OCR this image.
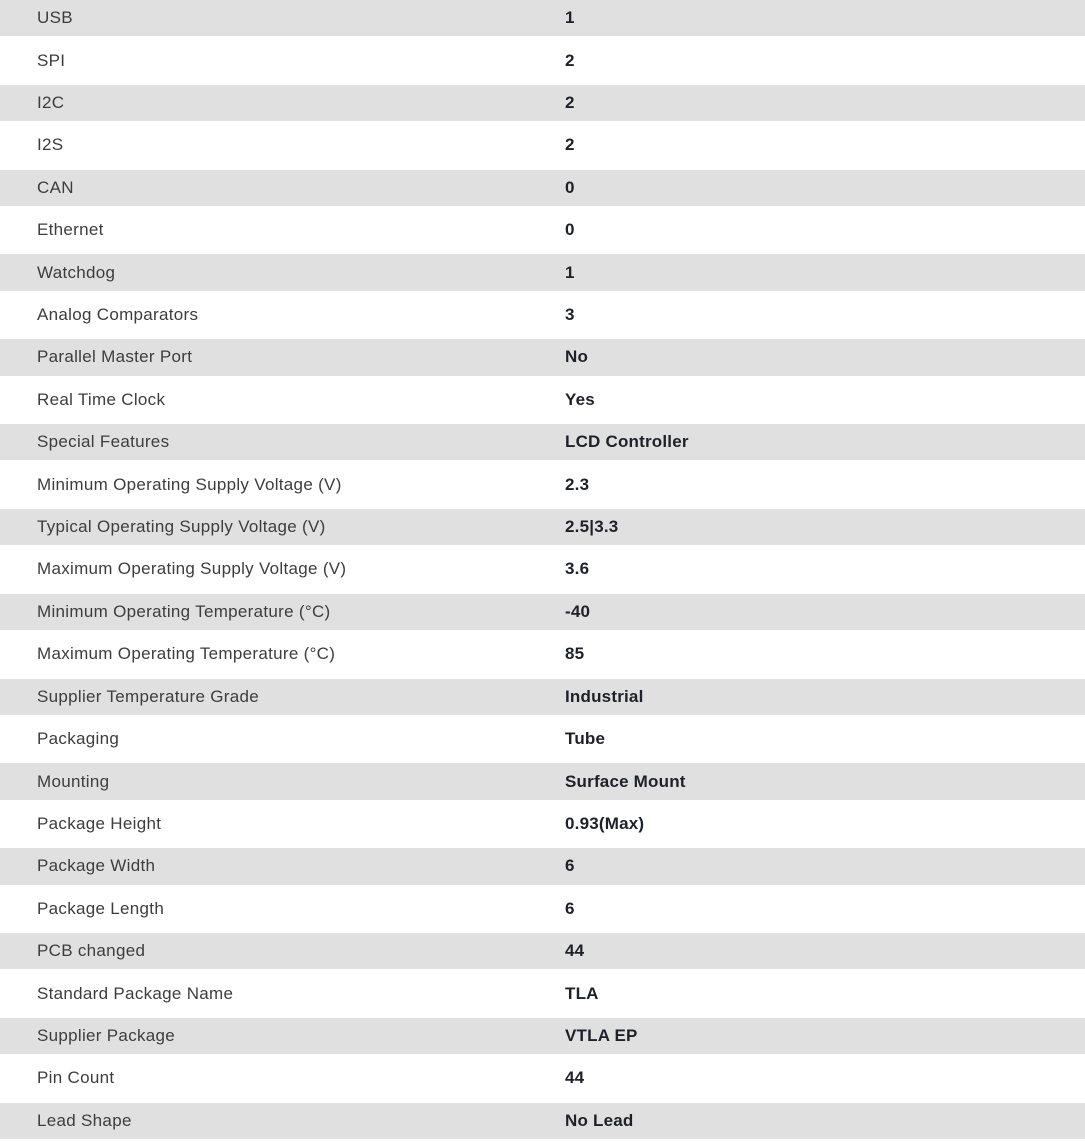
USB	1
SPI	2
I2C	2
I2S	2
CAN	0
Ethernet	0
Watchdog	1
Analog Comparators	3
Parallel Master Port	No
Real Time Clock	Yes
Special Features	LCD Controller
Minimum Operating Supply Voltage (V)	2.3
Typical Operating Supply Voltage (V)	2.5|3.3
Maximum Operating Supply Voltage (V)	3.6
Minimum Operating Temperature (°C)	-40
Maximum Operating Temperature (°C)	85
Supplier Temperature Grade	Industrial
Packaging	Tube
Mounting	Surface Mount
Package Height	0.93(Max)
Package Width	6
Package Length	6
PCB changed	44
Standard Package Name	TLA
Supplier Package	VTLA EP
Pin Count	44
Lead Shape	No Lead
